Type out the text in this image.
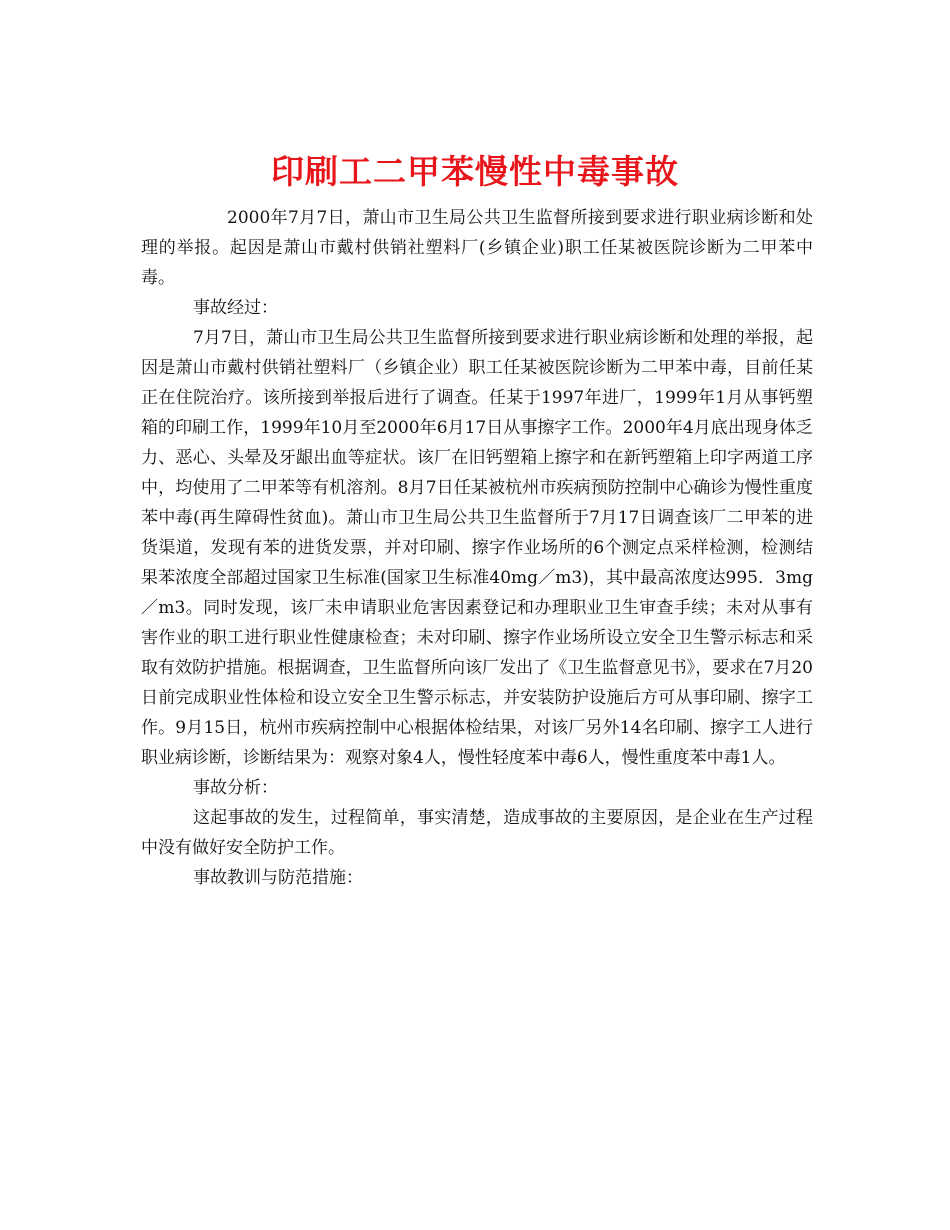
印刷工二甲苯慢性中毒事故

2000年7月7日，萧山市卫生局公共卫生监督所接到要求进行职业病诊断和处理的举报。起因是萧山市戴村供销社塑料厂(乡镇企业)职工任某被医院诊断为二甲苯中毒。

事故经过：

7月7日，萧山市卫生局公共卫生监督所接到要求进行职业病诊断和处理的举报，起因是萧山市戴村供销社塑料厂（乡镇企业）职工任某被医院诊断为二甲苯中毒，目前任某正在住院治疗。该所接到举报后进行了调查。任某于1997年进厂，1999年1月从事钙塑箱的印刷工作，1999年10月至2000年6月17日从事擦字工作。2000年4月底出现身体乏力、恶心、头晕及牙龈出血等症状。该厂在旧钙塑箱上擦字和在新钙塑箱上印字两道工序中，均使用了二甲苯等有机溶剂。8月7日任某被杭州市疾病预防控制中心确诊为慢性重度苯中毒(再生障碍性贫血)。萧山市卫生局公共卫生监督所于7月17日调查该厂二甲苯的进货渠道，发现有苯的进货发票，并对印刷、擦字作业场所的6个测定点采样检测，检测结果苯浓度全部超过国家卫生标准(国家卫生标准40mg／m3)，其中最高浓度达995．3mg／m3。同时发现，该厂未申请职业危害因素登记和办理职业卫生审查手续；未对从事有害作业的职工进行职业性健康检查；未对印刷、擦字作业场所设立安全卫生警示标志和采取有效防护措施。根据调查，卫生监督所向该厂发出了《卫生监督意见书》，要求在7月20日前完成职业性体检和设立安全卫生警示标志，并安装防护设施后方可从事印刷、擦字工作。9月15日，杭州市疾病控制中心根据体检结果，对该厂另外14名印刷、擦字工人进行职业病诊断，诊断结果为：观察对象4人，慢性轻度苯中毒6人，慢性重度苯中毒1人。

事故分析：

这起事故的发生，过程简单，事实清楚，造成事故的主要原因，是企业在生产过程中没有做好安全防护工作。

事故教训与防范措施：
